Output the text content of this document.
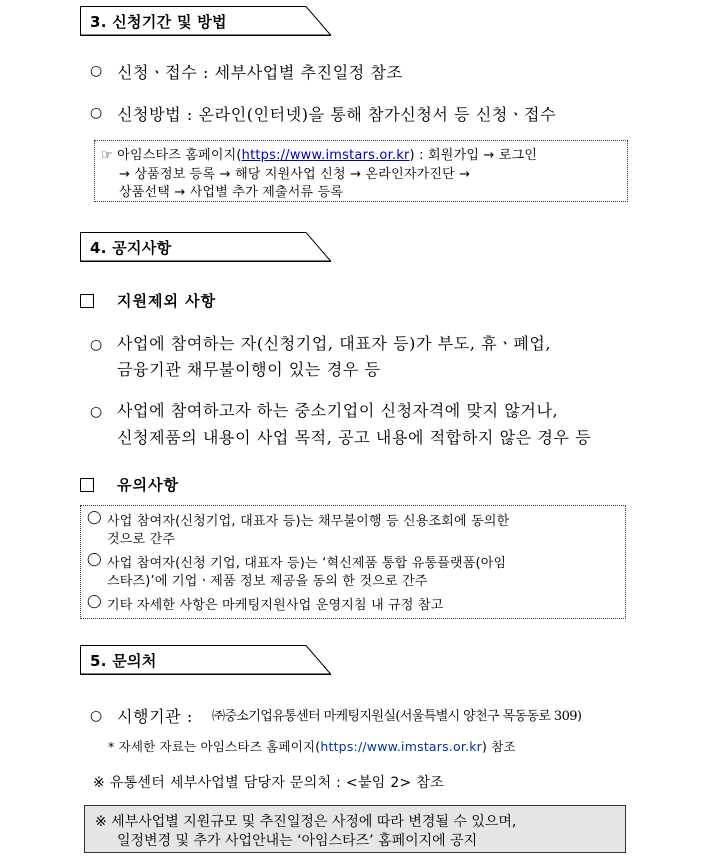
3. 신청기간 및 방법
○ 신청ㆍ접수 : 세부사업별 추진일정 참조
○ 신청방법 : 온라인(인터넷)을 통해 참가신청서 등 신청ㆍ접수
☞ 아임스타즈 홈페이지(https://www.imstars.or.kr) : 회원가입 → 로그인
→ 상품정보 등록 → 해당 지원사업 신청 → 온라인자가진단 →
상품선택 → 사업별 추가 제출서류 등록
4. 공지사항
지원제외 사항
○ 사업에 참여하는 자(신청기업, 대표자 등)가 부도, 휴ㆍ폐업,
금융기관 채무불이행이 있는 경우 등
○ 사업에 참여하고자 하는 중소기업이 신청자격에 맞지 않거나,
신청제품의 내용이 사업 목적, 공고 내용에 적합하지 않은 경우 등
유의사항
◯ 사업 참여자(신청기업, 대표자 등)는 채무불이행 등 신용조회에 동의한
것으로 간주
◯ 사업 참여자(신청 기업, 대표자 등)는 ‘혁신제품 통합 유통플랫폼(아임
스타즈)’에 기업ㆍ제품 정보 제공을 동의 한 것으로 간주
◯ 기타 자세한 사항은 마케팅지원사업 운영지침 내 규정 참고
5. 문의처
○ 시행기관 : ㈜중소기업유통센터 마케팅지원실(서울특별시 양천구 목동동로 309)
* 자세한 자료는 아임스타즈 홈페이지(https://www.imstars.or.kr) 참조
※ 유통센터 세부사업별 담당자 문의처 : <붙임 2> 참조
※ 세부사업별 지원규모 및 추진일정은 사정에 따라 변경될 수 있으며,
일정변경 및 추가 사업안내는 ‘아임스타즈’ 홈페이지에 공지
